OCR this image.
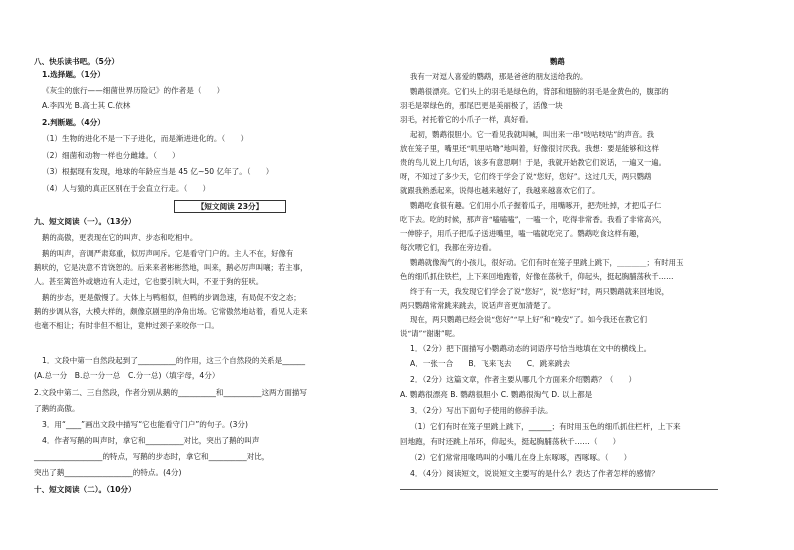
八、快乐读书吧。（5分）
1.选择题。（1分）
《灰尘的旅行——细菌世界历险记》的作者是（　　）
A.李四光 B.高士其 C.依林
2.判断题。（4分）
（1）生物的进化不是一下子进化，而是渐进进化的。（　　）
（2）细菌和动物一样也分雌雄。（　　）
（3）根据现有发现，地球的年龄应当是 45 亿~50 亿年了。（　　）
（4）人与猿的真正区别在于会直立行走。（　　）
【短文阅读 23分】
九、短文阅读（一）。（13分）
鹅的高傲，更表现在它的叫声、步态和吃相中。
鹅的叫声，音调严肃郑重，似厉声呵斥。它是看守门户的。主人不在，好像有
鹅吠的，它是决意不肯饶恕的。后来来者彬彬然地，叫来，鹅必厉声叫嚷；若主事，
人。甚至篱笆外或塘边有人走过，它也要引吭大叫，不亚于狗的狂吠。
鹅的步态，更是傲慢了。大体上与鸭相似，但鸭的步调急速，有局促不安之态；
鹅的步调从容，大模大样的，颇像京剧里的净角出场。它常傲然地站着，看见人走来
也毫不相让；有时非但不相让，竟伸过颈子来咬你一口。
1．文段中第一自然段起到了__________的作用，这三个自然段的关系是______
(A.总一分　B.总一分一总　C.分一总)（填字母，4分）
2.文段中第二、三自然段，作者分别从鹅的__________和__________这两方面描写
了鹅的高傲。
3．用“____”画出文段中描写“它也能看守门户”的句子。(3分)
4．作者写鹅的叫声时，拿它和__________对比，突出了鹅的叫声
__________________的特点，写鹅的步态时，拿它和__________对比，
突出了鹅__________________的特点。(4分)
十、短文阅读（二）。（10分）
鹦鹉
我有一对逗人喜爱的鹦鹉，那是爸爸的朋友送给我的。
鹦鹉很漂亮。它们头上的羽毛是绿色的，背部和翅膀的羽毛是金黄色的，腹部的
羽毛是翠绿色的，那尾巴更是美丽极了，活像一块
羽毛，衬托着它的小爪子一样，真好看。
起初，鹦鹉很胆小。它一看见我就叫喊，叫出来一串“吱咕吱咕”的声音。我
放在笼子里，嘴里还“叽里咕噜”地叫着，好像很讨厌我。我想：要是能够和这样
贵的鸟儿说上几句话，该多有意思啊！于是，我就开始教它们说话，一遍又一遍。
呀，不知过了多少天，它们终于学会了说“您好，您好”。这过几天，两只鹦鹉
就跟我熟悉起来，说得也越来越好了，我越来越喜欢它们了。
鹦鹉吃食很有趣。它们用小爪子握着瓜子，用嘴啄开，把壳吐掉，才把瓜子仁
吃下去。吃的时候，那声音“嗑嗑嗑”，一嗑一个，吃得非常香。我看了非常高兴，
一伸脖子，用爪子把瓜子送进嘴里，嗑一嗑就吃完了。鹦鹉吃食这样有趣，
每次喂它们，我都在旁边看。
鹦鹉就像淘气的小孩儿，很好动。它们有时在笼子里跳上跳下，________；有时用玉
色的细爪抓住铁栏，上下来回地跑着，好像在荡秋千，仰起头，挺起胸脯荡秋千……
终于有一天，我发现它们学会了说“您好”，说“您好”时，两只鹦鹉就来回地说，
两只鹦鹉常常跳来跳去，说话声音更加清楚了。
现在，两只鹦鹉已经会说“您好”“早上好”和“晚安”了。如今我还在教它们
说“请”“谢谢”呢。
1．（2分）把下面描写小鹦鹉动态的词语序号恰当地填在文中的横线上。
A．一张一合　　B．飞来飞去　　C．跳来跳去
2．（2分）这篇文章，作者主要从哪几个方面来介绍鹦鹉？（　　）
A. 鹦鹉很漂亮 B. 鹦鹉很胆小 C. 鹦鹉很淘气 D. 以上都是
3．（2分）写出下面句子使用的修辞手法。
（1）它们有时在笼子里跳上跳下，______；有时用玉色的细爪抓住栏杆，上下来
回地跑，有时还跳上吊环，仰起头，挺起胸脯荡秋千……（　　）
（2）它们常常用喙鸣叫的小嘴儿在身上东啄啄，西啄啄。（　　）
4．（4分）阅读短文，说说短文主要写的是什么？表达了作者怎样的感情？
